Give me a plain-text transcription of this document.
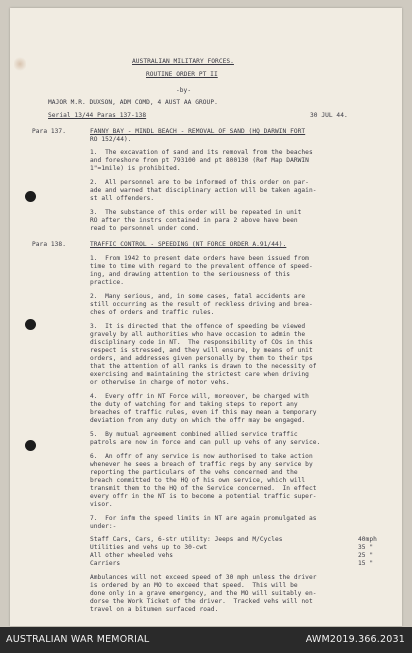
AUSTRALIAN MILITARY FORCES.
ROUTINE ORDER PT II
-by-
MAJOR M.R. DUXSON, ADM COMD, 4 AUST AA GROUP.
Serial 13/44 Paras 137-138	30 JUL 44.
Para 137.	FANNY BAY - MINDL BEACH - REMOVAL OF SAND (HQ DARWIN FORT
RO 152/44).
1.  The excavation of sand and its removal from the beaches
and foreshore from pt 793100 and pt 800130 (Ref Map DARWIN
1"=1mile) is prohibited.
2.  All personnel are to be informed of this order on par-
ade and warned that disciplinary action will be taken again-
st all offenders.
3.  The substance of this order will be repeated in unit
RO after the instrs contained in para 2 above have been
read to personnel under comd.
Para 138.	TRAFFIC CONTROL - SPEEDING (NT FORCE ORDER A.91/44).
1.  From 1942 to present date orders have been issued from
time to time with regard to the prevalent offence of speed-
ing, and drawing attention to the seriousness of this
practice.
2.  Many serious, and, in some cases, fatal accidents are
still occurring as the result of reckless driving and brea-
ches of orders and traffic rules.
3.  It is directed that the offence of speeding be viewed
gravely by all authorities who have occasion to admin the
disciplinary code in NT.  The responsibility of COs in this
respect is stressed, and they will ensure, by means of unit
orders, and addresses given personally by them to their tps
that the attention of all ranks is drawn to the necessity of
exercising and maintaining the strictest care when driving
or otherwise in charge of motor vehs.
4.  Every offr in NT Force will, moreover, be charged with
the duty of watching for and taking steps to report any
breaches of traffic rules, even if this may mean a temporary
deviation from any duty on which the offr may be engaged.
5.  By mutual agreement combined allied service traffic
patrols are now in force and can pull up vehs of any service.
6.  An offr of any service is now authorised to take action
whenever he sees a breach of traffic regs by any service by
reporting the particulars of the vehs concerned and the
breach committed to the HQ of his own service, which will
transmit them to the HQ of the Service concerned.  In effect
every offr in the NT is to become a potential traffic super-
visor.
7.  For infm the speed limits in NT are again promulgated as
under:-
Staff Cars, Cars, 6-str utility: Jeeps and M/Cycles	40mph
Utilities and vehs up to 30-cwt	35 "
All other wheeled vehs	25 "
Carriers	15 "
Ambulances will not exceed speed of 30 mph unless the driver
is ordered by an MO to exceed that speed.  This will be
done only in a grave emergency, and the MO will suitably en-
dorse the Work Ticket of the driver.  Tracked vehs will not
travel on a bitumen surfaced road.
AUSTRALIAN WAR MEMORIAL	AWM2019.366.2031
